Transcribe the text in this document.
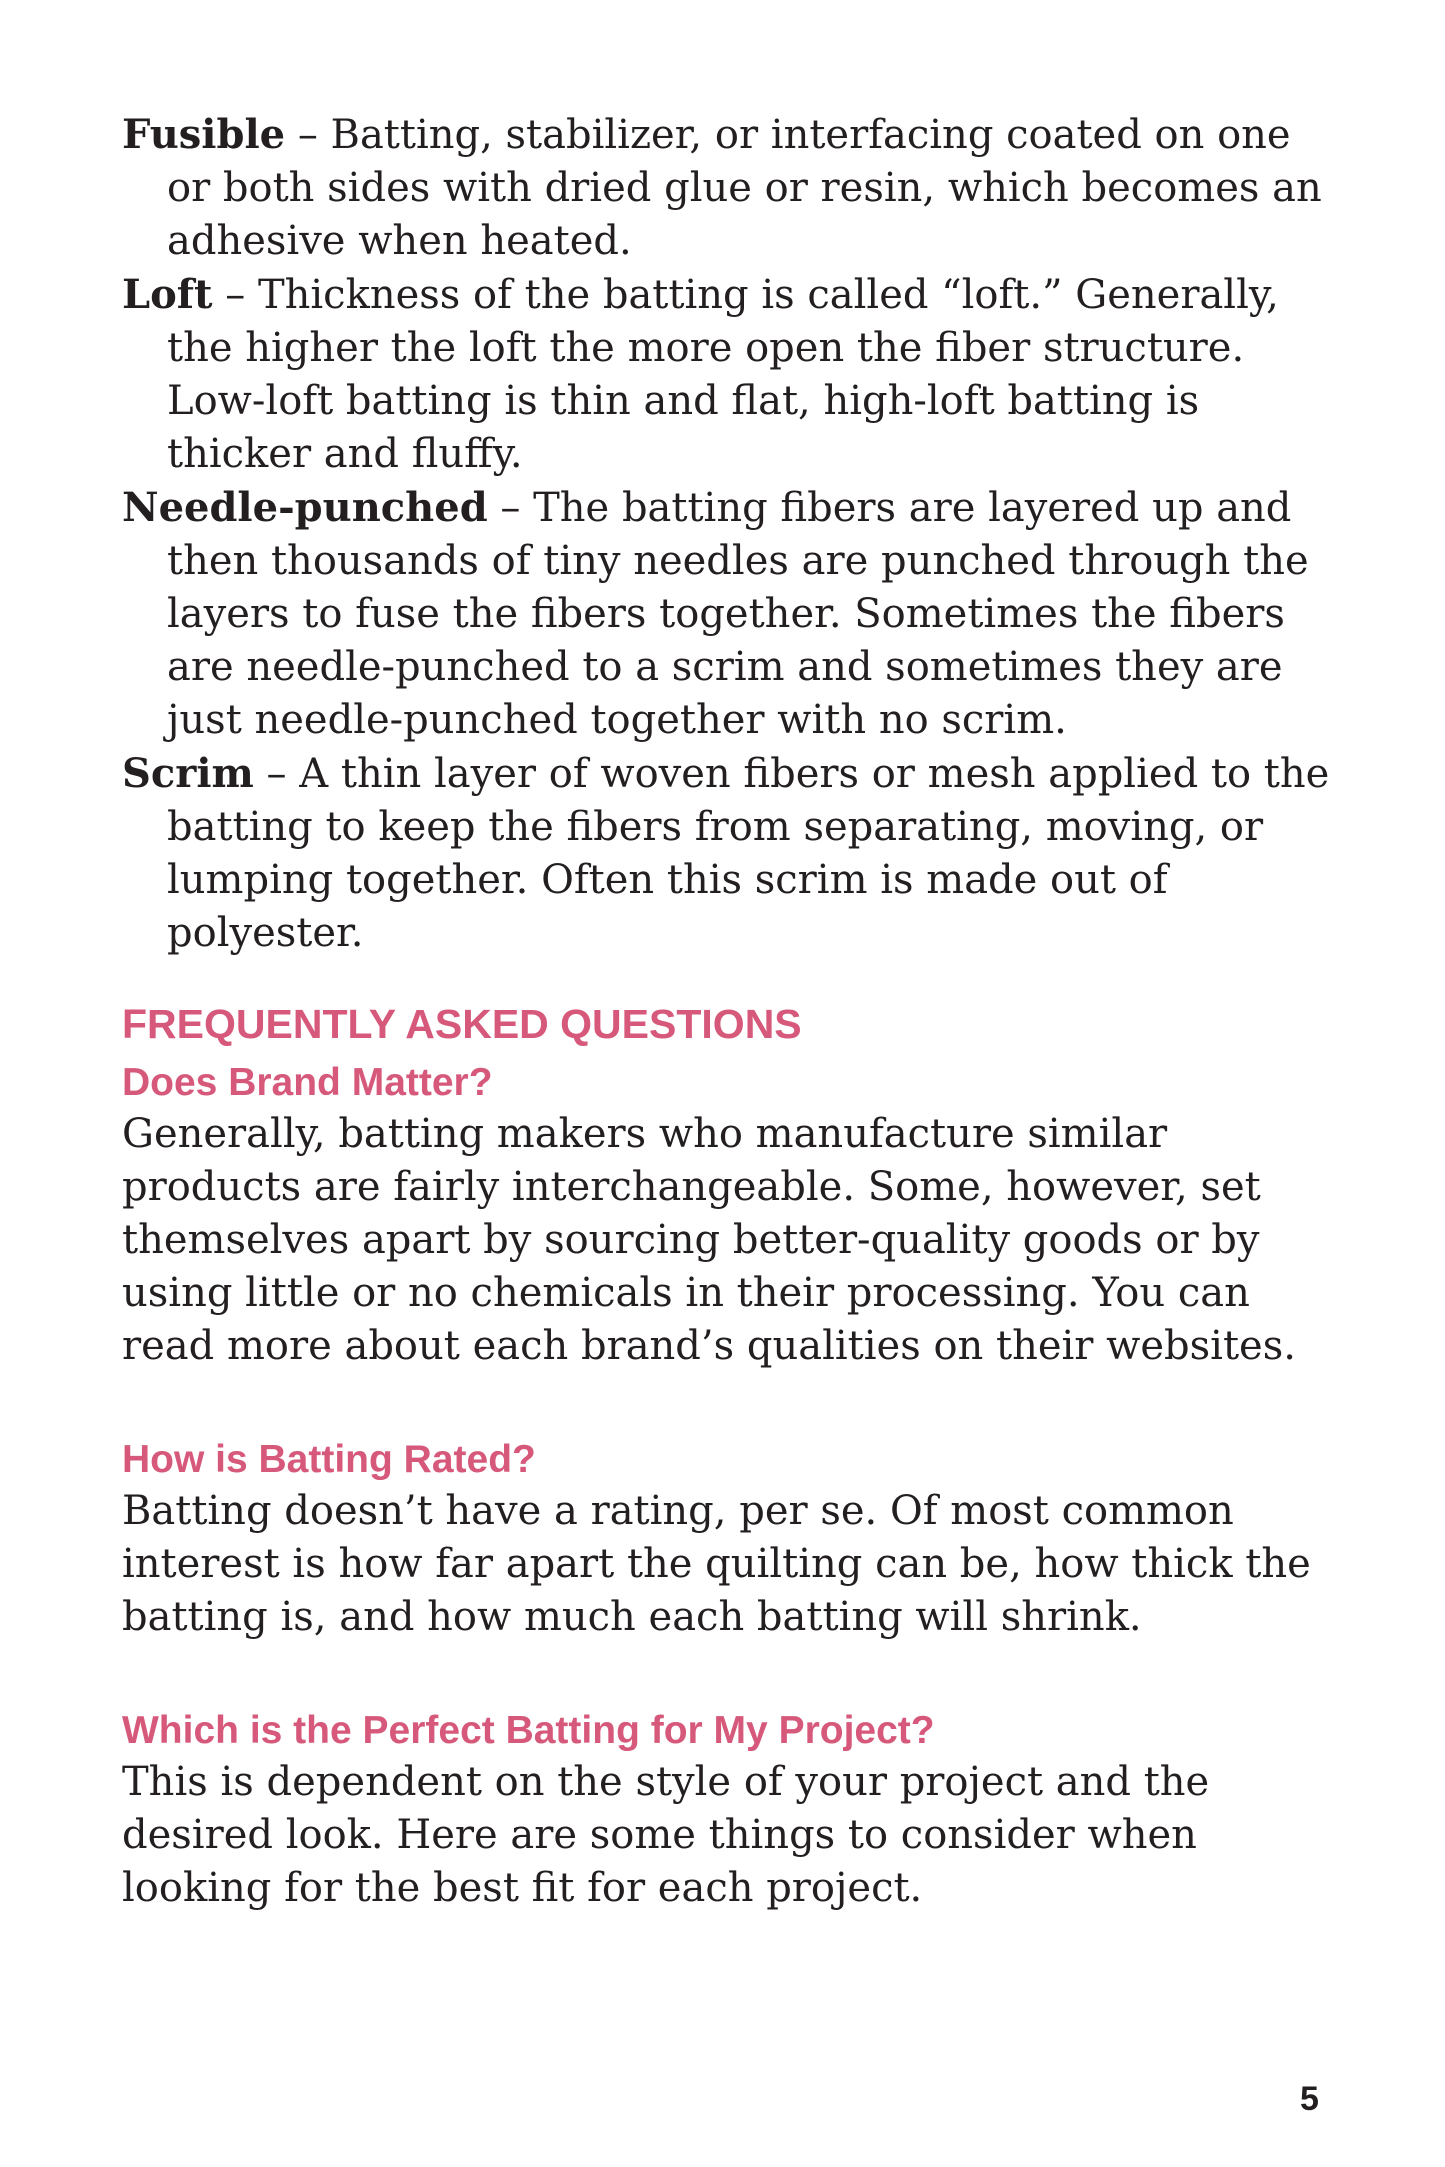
Fusible – Batting, stabilizer, or interfacing coated on one or both sides with dried glue or resin, which becomes an adhesive when heated.

Loft – Thickness of the batting is called “loft.” Generally, the higher the loft the more open the fiber structure. Low-loft batting is thin and flat, high-loft batting is thicker and fluffy.

Needle-punched – The batting fibers are layered up and then thousands of tiny needles are punched through the layers to fuse the fibers together. Sometimes the fibers are needle-punched to a scrim and sometimes they are just needle-punched together with no scrim.

Scrim – A thin layer of woven fibers or mesh applied to the batting to keep the fibers from separating, moving, or lumping together. Often this scrim is made out of polyester.

FREQUENTLY ASKED QUESTIONS
Does Brand Matter?

Generally, batting makers who manufacture similar products are fairly interchangeable. Some, however, set themselves apart by sourcing better-quality goods or by using little or no chemicals in their processing. You can read more about each brand’s qualities on their websites.

How is Batting Rated?

Batting doesn’t have a rating, per se. Of most common interest is how far apart the quilting can be, how thick the batting is, and how much each batting will shrink.

Which is the Perfect Batting for My Project?

This is dependent on the style of your project and the desired look. Here are some things to consider when looking for the best fit for each project.

5
